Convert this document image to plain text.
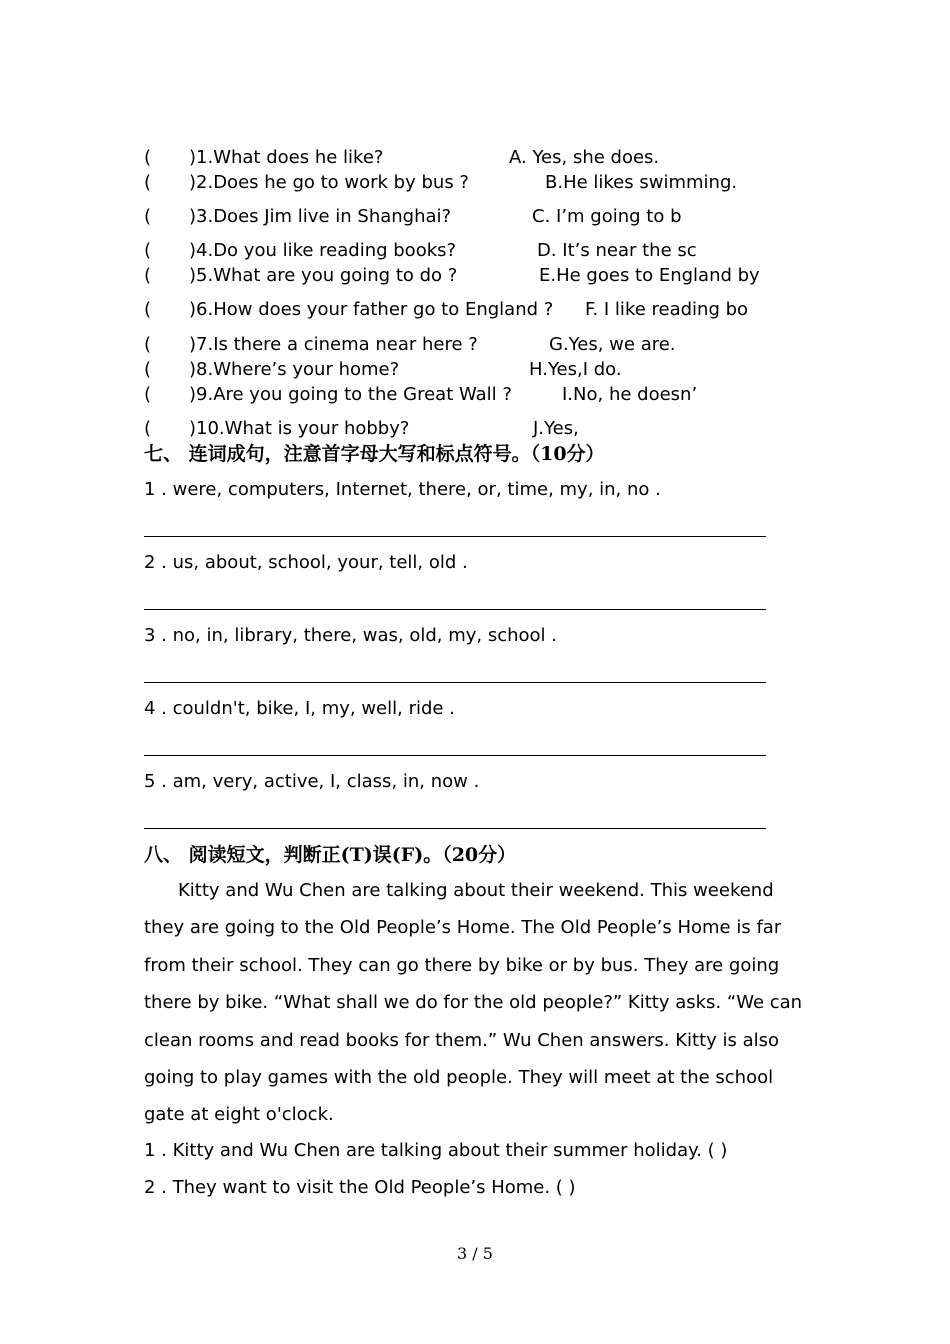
( )1.What does he like?	A. Yes, she does.
( )2.Does he go to work by bus ?	B.He likes swimming.
( )3.Does Jim live in Shanghai?	C. I’m going to b
( )4.Do you like reading books?	D. It’s near the sc
( )5.What are you going to do ?	E.He goes to England by
( )6.How does your father go to England ? F. I like reading bo
( )7.Is there a cinema near here ?	G.Yes, we are.
( )8.Where’s your home?	H.Yes,I do.
( )9.Are you going to the Great Wall ?	I.No, he doesn’
( )10.What is your hobby?	J.Yes,
七、 连词成句，注意首字母大写和标点符号。（10分）
1 . were, computers, Internet, there, or, time, my, in, no .
2 . us, about, school, your, tell, old .
3 . no, in, library, there, was, old, my, school .
4 . couldn't, bike, I, my, well, ride .
5 . am, very, active, I, class, in, now .
八、 阅读短文，判断正(T)误(F)。（20分）

Kitty and Wu Chen are talking about their weekend. This weekend they are going to the Old People’s Home. The Old People’s Home is far from their school. They can go there by bike or by bus. They are going there by bike. “What shall we do for the old people?” Kitty asks. “We can clean rooms and read books for them.” Wu Chen answers. Kitty is also going to play games with the old people. They will meet at the school gate at eight o'clock.

1 . Kitty and Wu Chen are talking about their summer holiday. ( )
2 . They want to visit the Old People’s Home. ( )
3 / 5
